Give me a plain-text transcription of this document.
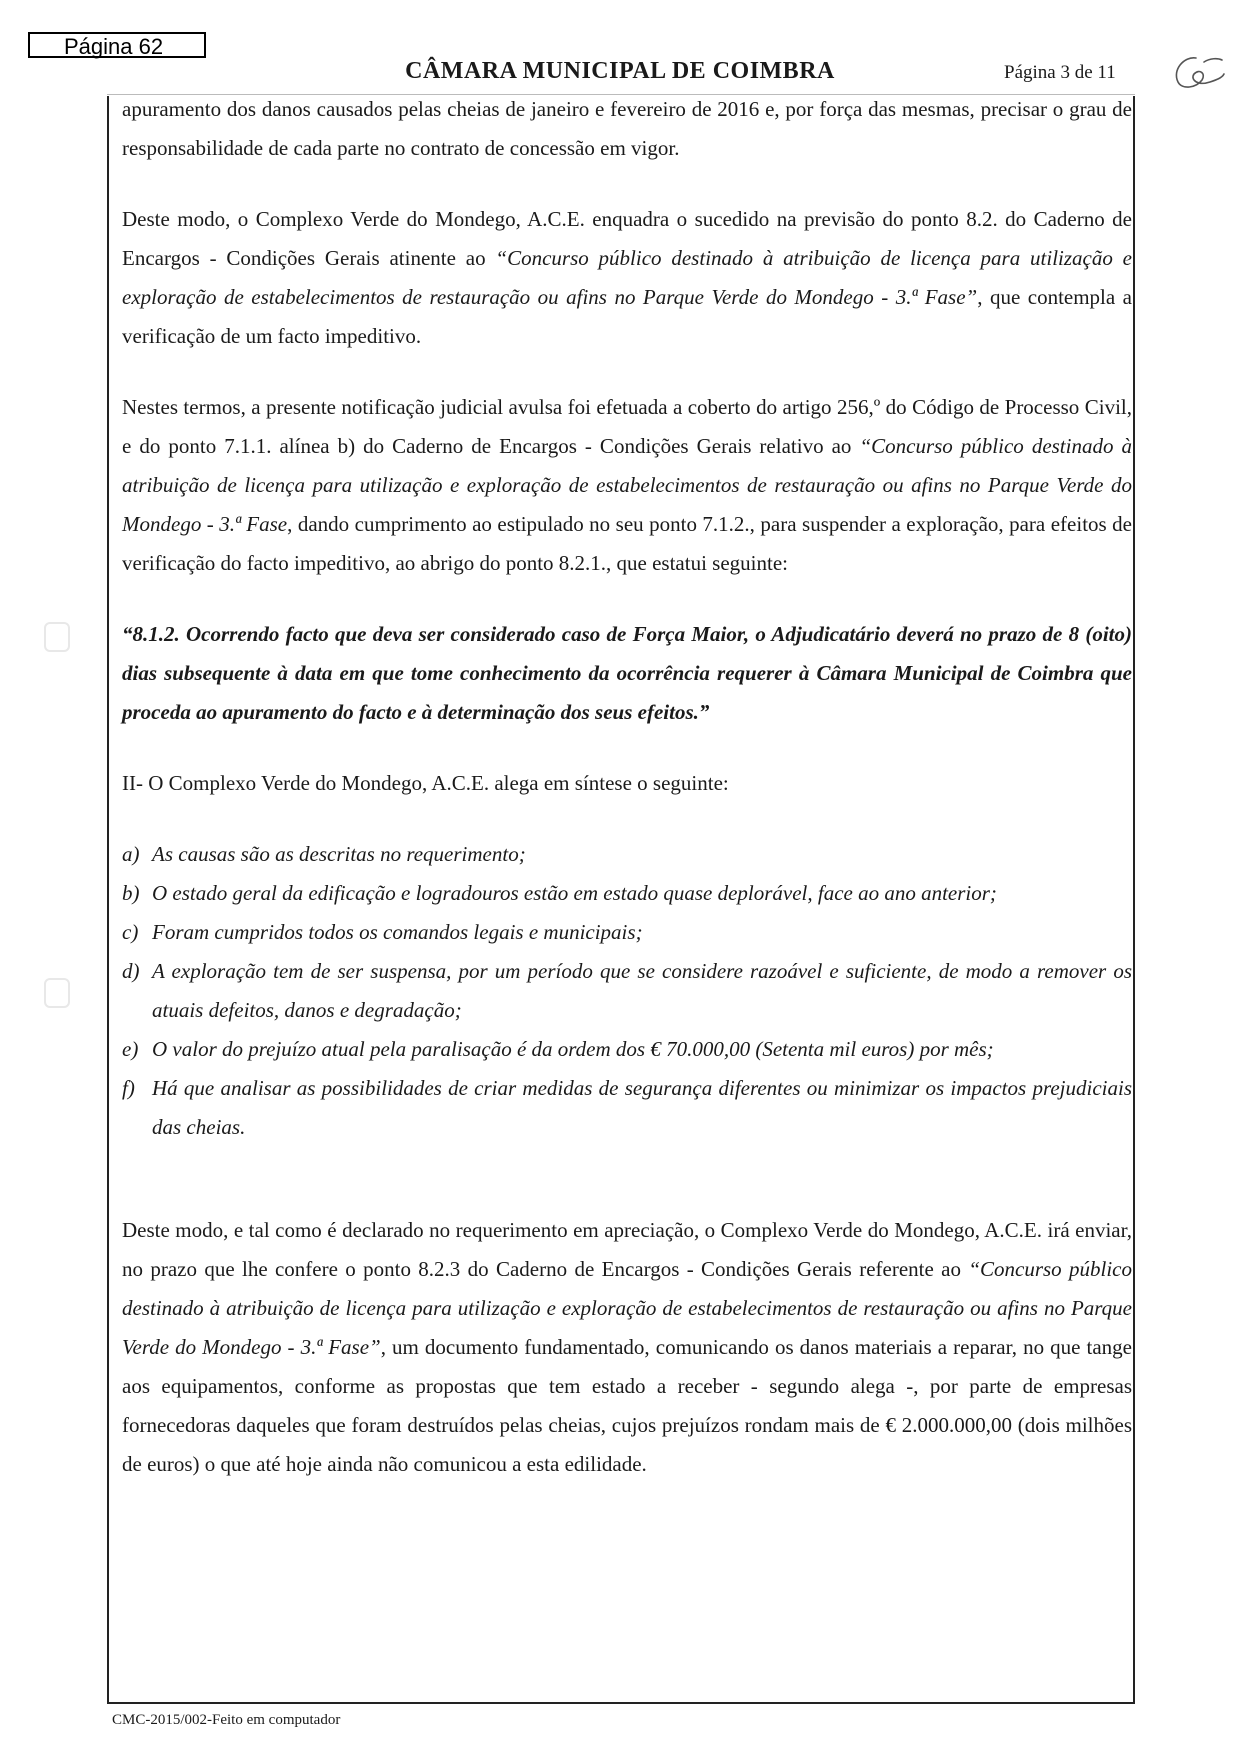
Página 62
CÂMARA MUNICIPAL DE COIMBRA	Página 3 de 11

apuramento dos danos causados pelas cheias de janeiro e fevereiro de 2016 e, por força das mesmas, precisar o grau de responsabilidade de cada parte no contrato de concessão em vigor.

Deste modo, o Complexo Verde do Mondego, A.C.E. enquadra o sucedido na previsão do ponto 8.2. do Caderno de Encargos - Condições Gerais atinente ao “Concurso público destinado à atribuição de licença para utilização e exploração de estabelecimentos de restauração ou afins no Parque Verde do Mondego - 3.ª Fase”, que contempla a verificação de um facto impeditivo.

Nestes termos, a presente notificação judicial avulsa foi efetuada a coberto do artigo 256,º do Código de Processo Civil, e do ponto 7.1.1. alínea b) do Caderno de Encargos - Condições Gerais relativo ao “Concurso público destinado à atribuição de licença para utilização e exploração de estabelecimentos de restauração ou afins no Parque Verde do Mondego - 3.ª Fase, dando cumprimento ao estipulado no seu ponto 7.1.2., para suspender a exploração, para efeitos de verificação do facto impeditivo, ao abrigo do ponto 8.2.1., que estatui seguinte:

“8.1.2. Ocorrendo facto que deva ser considerado caso de Força Maior, o Adjudicatário deverá no prazo de 8 (oito) dias subsequente à data em que tome conhecimento da ocorrência requerer à Câmara Municipal de Coimbra que proceda ao apuramento do facto e à determinação dos seus efeitos.”

II- O Complexo Verde do Mondego, A.C.E. alega em síntese o seguinte:

a) As causas são as descritas no requerimento;
b) O estado geral da edificação e logradouros estão em estado quase deplorável, face ao ano anterior;
c) Foram cumpridos todos os comandos legais e municipais;
d) A exploração tem de ser suspensa, por um período que se considere razoável e suficiente, de modo a remover os atuais defeitos, danos e degradação;
e) O valor do prejuízo atual pela paralisação é da ordem dos € 70.000,00 (Setenta mil euros) por mês;
f) Há que analisar as possibilidades de criar medidas de segurança diferentes ou minimizar os impactos prejudiciais das cheias.

Deste modo, e tal como é declarado no requerimento em apreciação, o Complexo Verde do Mondego, A.C.E. irá enviar, no prazo que lhe confere o ponto 8.2.3 do Caderno de Encargos - Condições Gerais referente ao “Concurso público destinado à atribuição de licença para utilização e exploração de estabelecimentos de restauração ou afins no Parque Verde do Mondego - 3.ª Fase”, um documento fundamentado, comunicando os danos materiais a reparar, no que tange aos equipamentos, conforme as propostas que tem estado a receber - segundo alega -, por parte de empresas fornecedoras daqueles que foram destruídos pelas cheias, cujos prejuízos rondam mais de € 2.000.000,00 (dois milhões de euros) o que até hoje ainda não comunicou a esta edilidade.

CMC-2015/002-Feito em computador
